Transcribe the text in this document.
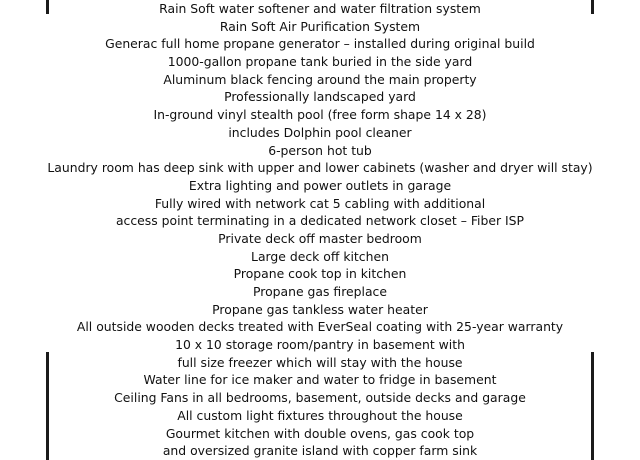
Rain Soft water softener and water filtration system
Rain Soft Air Purification System
Generac full home propane generator – installed during original build
1000-gallon propane tank buried in the side yard
Aluminum black fencing around the main property
Professionally landscaped yard
In-ground vinyl stealth pool (free form shape 14 x 28)
includes Dolphin pool cleaner
6-person hot tub
Laundry room has deep sink with upper and lower cabinets (washer and dryer will stay)
Extra lighting and power outlets in garage
Fully wired with network cat 5 cabling with additional
access point terminating in a dedicated network closet – Fiber ISP
Private deck off master bedroom
Large deck off kitchen
Propane cook top in kitchen
Propane gas fireplace
Propane gas tankless water heater
All outside wooden decks treated with EverSeal coating with 25-year warranty
10 x 10 storage room/pantry in basement with
full size freezer which will stay with the house
Water line for ice maker and water to fridge in basement
Ceiling Fans in all bedrooms, basement, outside decks and garage
All custom light fixtures throughout the house
Gourmet kitchen with double ovens, gas cook top
and oversized granite island with copper farm sink
